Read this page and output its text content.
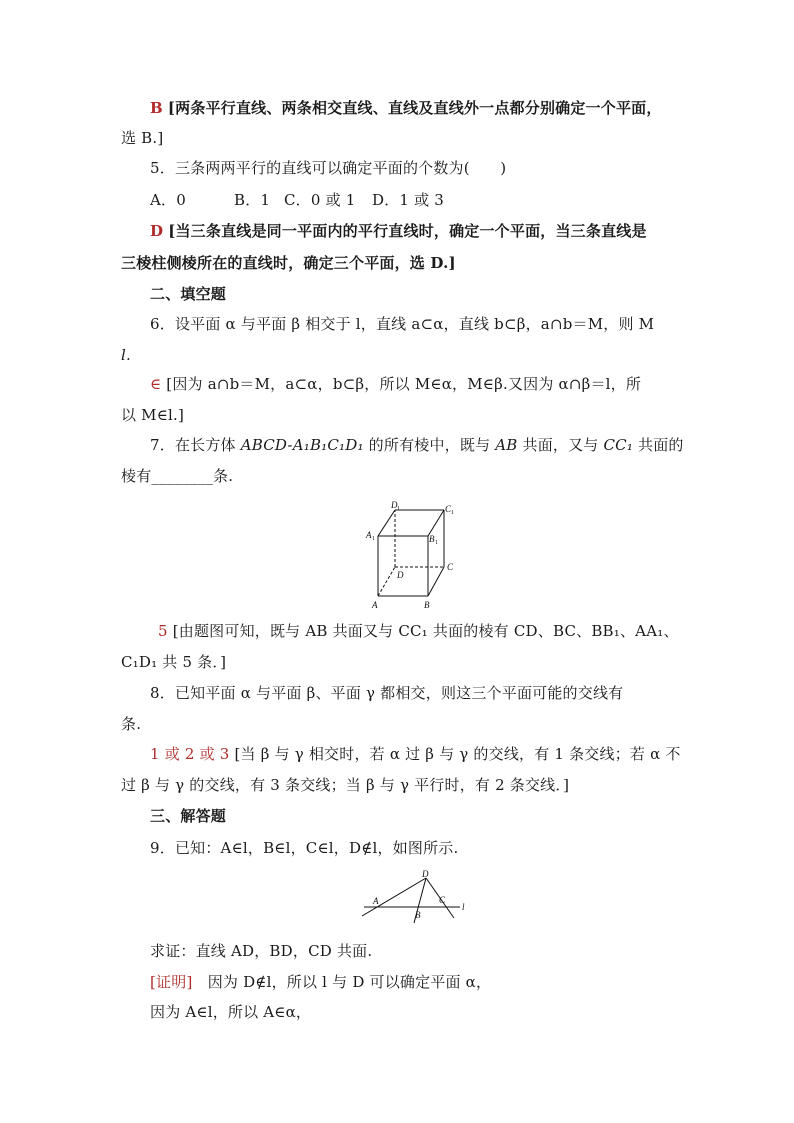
B [两条平行直线、两条相交直线、直线及直线外一点都分别确定一个平面，
选 B.]
5．三条两两平行的直线可以确定平面的个数为(　　)
A．0	B．1 C．0 或 1 D．1 或 3
D [当三条直线是同一平面内的平行直线时，确定一个平面，当三条直线是
三棱柱侧棱所在的直线时，确定三个平面，选 D.]
二、填空题
6．设平面 α 与平面 β 相交于 l，直线 a⊂α，直线 b⊂β，a∩b＝M，则 M
l.
∈ [因为 a∩b＝M，a⊂α，b⊂β，所以 M∈α，M∈β.又因为 α∩β＝l，所
以 M∈l.]
7．在长方体 ABCD-A₁B₁C₁D₁ 的所有棱中，既与 AB 共面，又与 CC₁ 共面的
棱有________条.
A	B
C
D
A 1	B 1
C 1
D 1
5 [由题图可知，既与 AB 共面又与 CC₁ 共面的棱有 CD、BC、BB₁、AA₁、
C₁D₁ 共 5 条．]
8．已知平面 α 与平面 β、平面 γ 都相交，则这三个平面可能的交线有
条.
1 或 2 或 3 [当 β 与 γ 相交时，若 α 过 β 与 γ 的交线，有 1 条交线；若 α 不
过 β 与 γ 的交线，有 3 条交线；当 β 与 γ 平行时，有 2 条交线．]
三、解答题
9．已知：A∈l，B∈l，C∈l，D∉l，如图所示.
D
A
B
C
l
求证：直线 AD，BD，CD 共面.
[证明]　因为 D∉l，所以 l 与 D 可以确定平面 α，
因为 A∈l，所以 A∈α，
